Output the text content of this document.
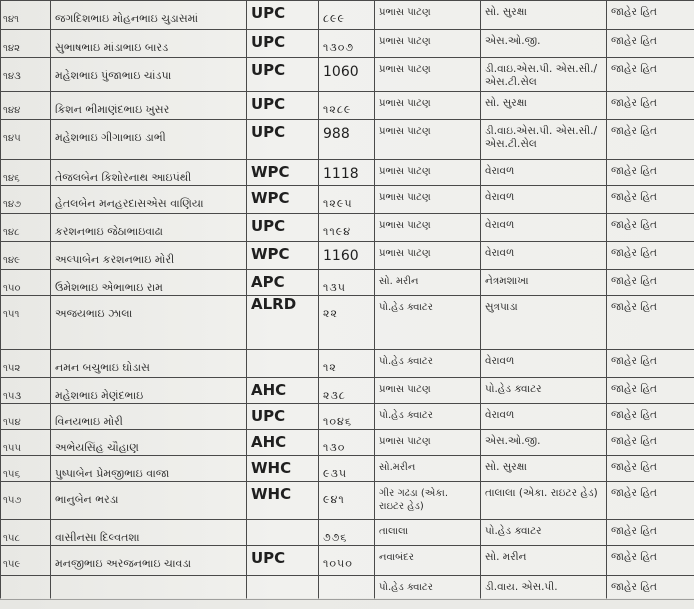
૧૪૧	જગદિશભાઇ મોહનભાઇ ચુડાસમાં	UPC	૮૯૯	પ્રભાસ પાટણ	સો. સુરક્ષા	જાહેર હિત
૧૪૨	સુભાષભાઇ માંડાભાઇ બારડ	UPC	૧૩૦૭	પ્રભાસ પાટણ	એસ.ઓ.જી.	જાહેર હિત
૧૪૩	મહેશભાઇ પુંજાભાઇ ચાંડપા	UPC	1060	પ્રભાસ પાટણ	ડી.વાઇ.એસ.પી. એસ.સી./એસ.ટી.સેલ	જાહેર હિત
૧૪૪	કિશન ભીમાણંદભાઇ ખુસર	UPC	૧૨૮૯	પ્રભાસ પાટણ	સો. સુરક્ષા	જાહેર હિત
૧૪૫	મહેશભાઇ ગીગાભાઇ ડાભી	UPC	988	પ્રભાસ પાટણ	ડી.વાઇ.એસ.પી. એસ.સી./એસ.ટી.સેલ	જાહેર હિત
૧૪૬	તેજલબેન કિશોરનાથ આઇપંથી	WPC	1118	પ્રભાસ પાટણ	વેરાવળ	જાહેર હિત
૧૪૭	હેતલબેન મનહરદાસએસ વાણિયા	WPC	૧૨૯૫	પ્રભાસ પાટણ	વેરાવળ	જાહેર હિત
૧૪૮	કરશનભાઇ જેઠાભાઇવાઢા	UPC	૧૧૯૪	પ્રભાસ પાટણ	વેરાવળ	જાહેર હિત
૧૪૯	અલ્પાબેન કરશનભાઇ મોરી	WPC	1160	પ્રભાસ પાટણ	વેરાવળ	જાહેર હિત
૧૫૦	ઉમેશભાઇ એભાભાઇ રામ	APC	૧૩૫	સો. મરીન	નેત્રમશાખા	જાહેર હિત
૧૫૧	અજયભાઇ ઝાલા	ALRD	૨૨	પો.હેડ ક્વાટર	સુત્રપાડા	જાહેર હિત
૧૫૨	નમન બચુભાઇ ઘોડાસ		૧૨	પો.હેડ ક્વાટર	વેરાવળ	જાહેર હિત
૧૫૩	મહેશભાઇ મેણંદભાઇ	AHC	૨૩૮	પ્રભાસ પાટણ	પો.હેડ ક્વાટર	જાહેર હિત
૧૫૪	વિનયભાઇ મોરી	UPC	૧૦૪૬	પો.હેડ ક્વાટર	વેરાવળ	જાહેર હિત
૧૫૫	અભેયસિંહ ચૌહાણ	AHC	૧૩૦	પ્રભાસ પાટણ	એસ.ઓ.જી.	જાહેર હિત
૧૫૬	પુષ્પાબેન પ્રેમજીભાઇ વાજા	WHC	૯૩૫	સો.મરીન	સો. સુરક્ષા	જાહેર હિત
૧૫૭	ભાનુબેન ભરડા	WHC	૯૪૧	ગીર ગઢડા (એકા. રાઇટર હેડ)	તાલાલા (એકા. રાઇટર હેડ)	જાહેર હિત
૧૫૮	વાસીનસા દિલ્વતશા		૭૭૬	તાલાલા	પો.હેડ ક્વાટર	જાહેર હિત
૧૫૯	મનજીભાઇ અરજનભાઇ ચાવડા	UPC	૧૦૫૦	નવાબંદર	સો. મરીન	જાહેર હિત
				પો.હેડ ક્વાટર	ડી.વાય. એસ.પી.	જાહેર હિત
